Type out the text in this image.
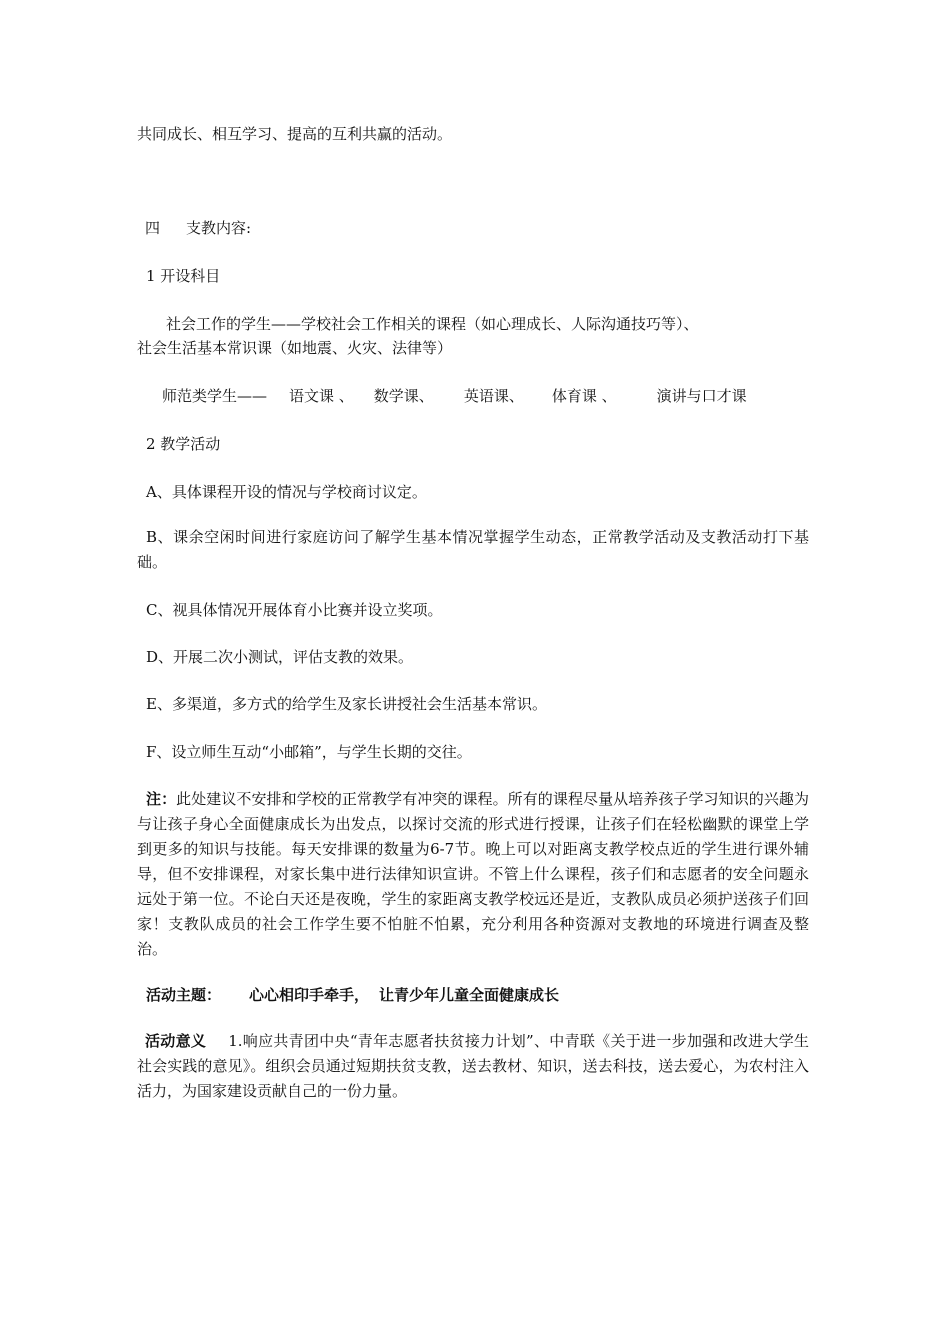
共同成长、相互学习、提高的互利共赢的活动。
四 支教内容:
1 开设科目
社会工作的学生——学校社会工作相关的课程（如心理成长、人际沟通技巧等）、
社会生活基本常识课（如地震、火灾、法律等）
师范类学生—— 语文课 、 数学课、 英语课、 体育课 、	演讲与口才课
2 教学活动
A、具体课程开设的情况与学校商讨议定。
B、课余空闲时间进行家庭访问了解学生基本情况掌握学生动态，正常教学活动及支教活动打下基础。
C、视具体情况开展体育小比赛并设立奖项。
D、开展二次小测试，评估支教的效果。
E、多渠道，多方式的给学生及家长讲授社会生活基本常识。
F、设立师生互动“小邮箱”，与学生长期的交往。
注：此处建议不安排和学校的正常教学有冲突的课程。所有的课程尽量从培养孩子学习知识的兴趣为与让孩子身心全面健康成长为出发点，以探讨交流的形式进行授课，让孩子们在轻松幽默的课堂上学到更多的知识与技能。每天安排课的数量为6-7节。晚上可以对距离支教学校点近的学生进行课外辅导，但不安排课程，对家长集中进行法律知识宣讲。不管上什么课程，孩子们和志愿者的安全问题永远处于第一位。不论白天还是夜晚，学生的家距离支教学校远还是近，支教队成员必须护送孩子们回家！支教队成员的社会工作学生要不怕脏不怕累，充分利用各种资源对支教地的环境进行调查及整治。
活动主题： 心心相印手牵手， 让青少年儿童全面健康成长
活动意义 1.响应共青团中央“青年志愿者扶贫接力计划”、中青联《关于进一步加强和改进大学生社会实践的意见》。组织会员通过短期扶贫支教，送去教材、知识，送去科技，送去爱心，为农村注入活力，为国家建设贡献自己的一份力量。
